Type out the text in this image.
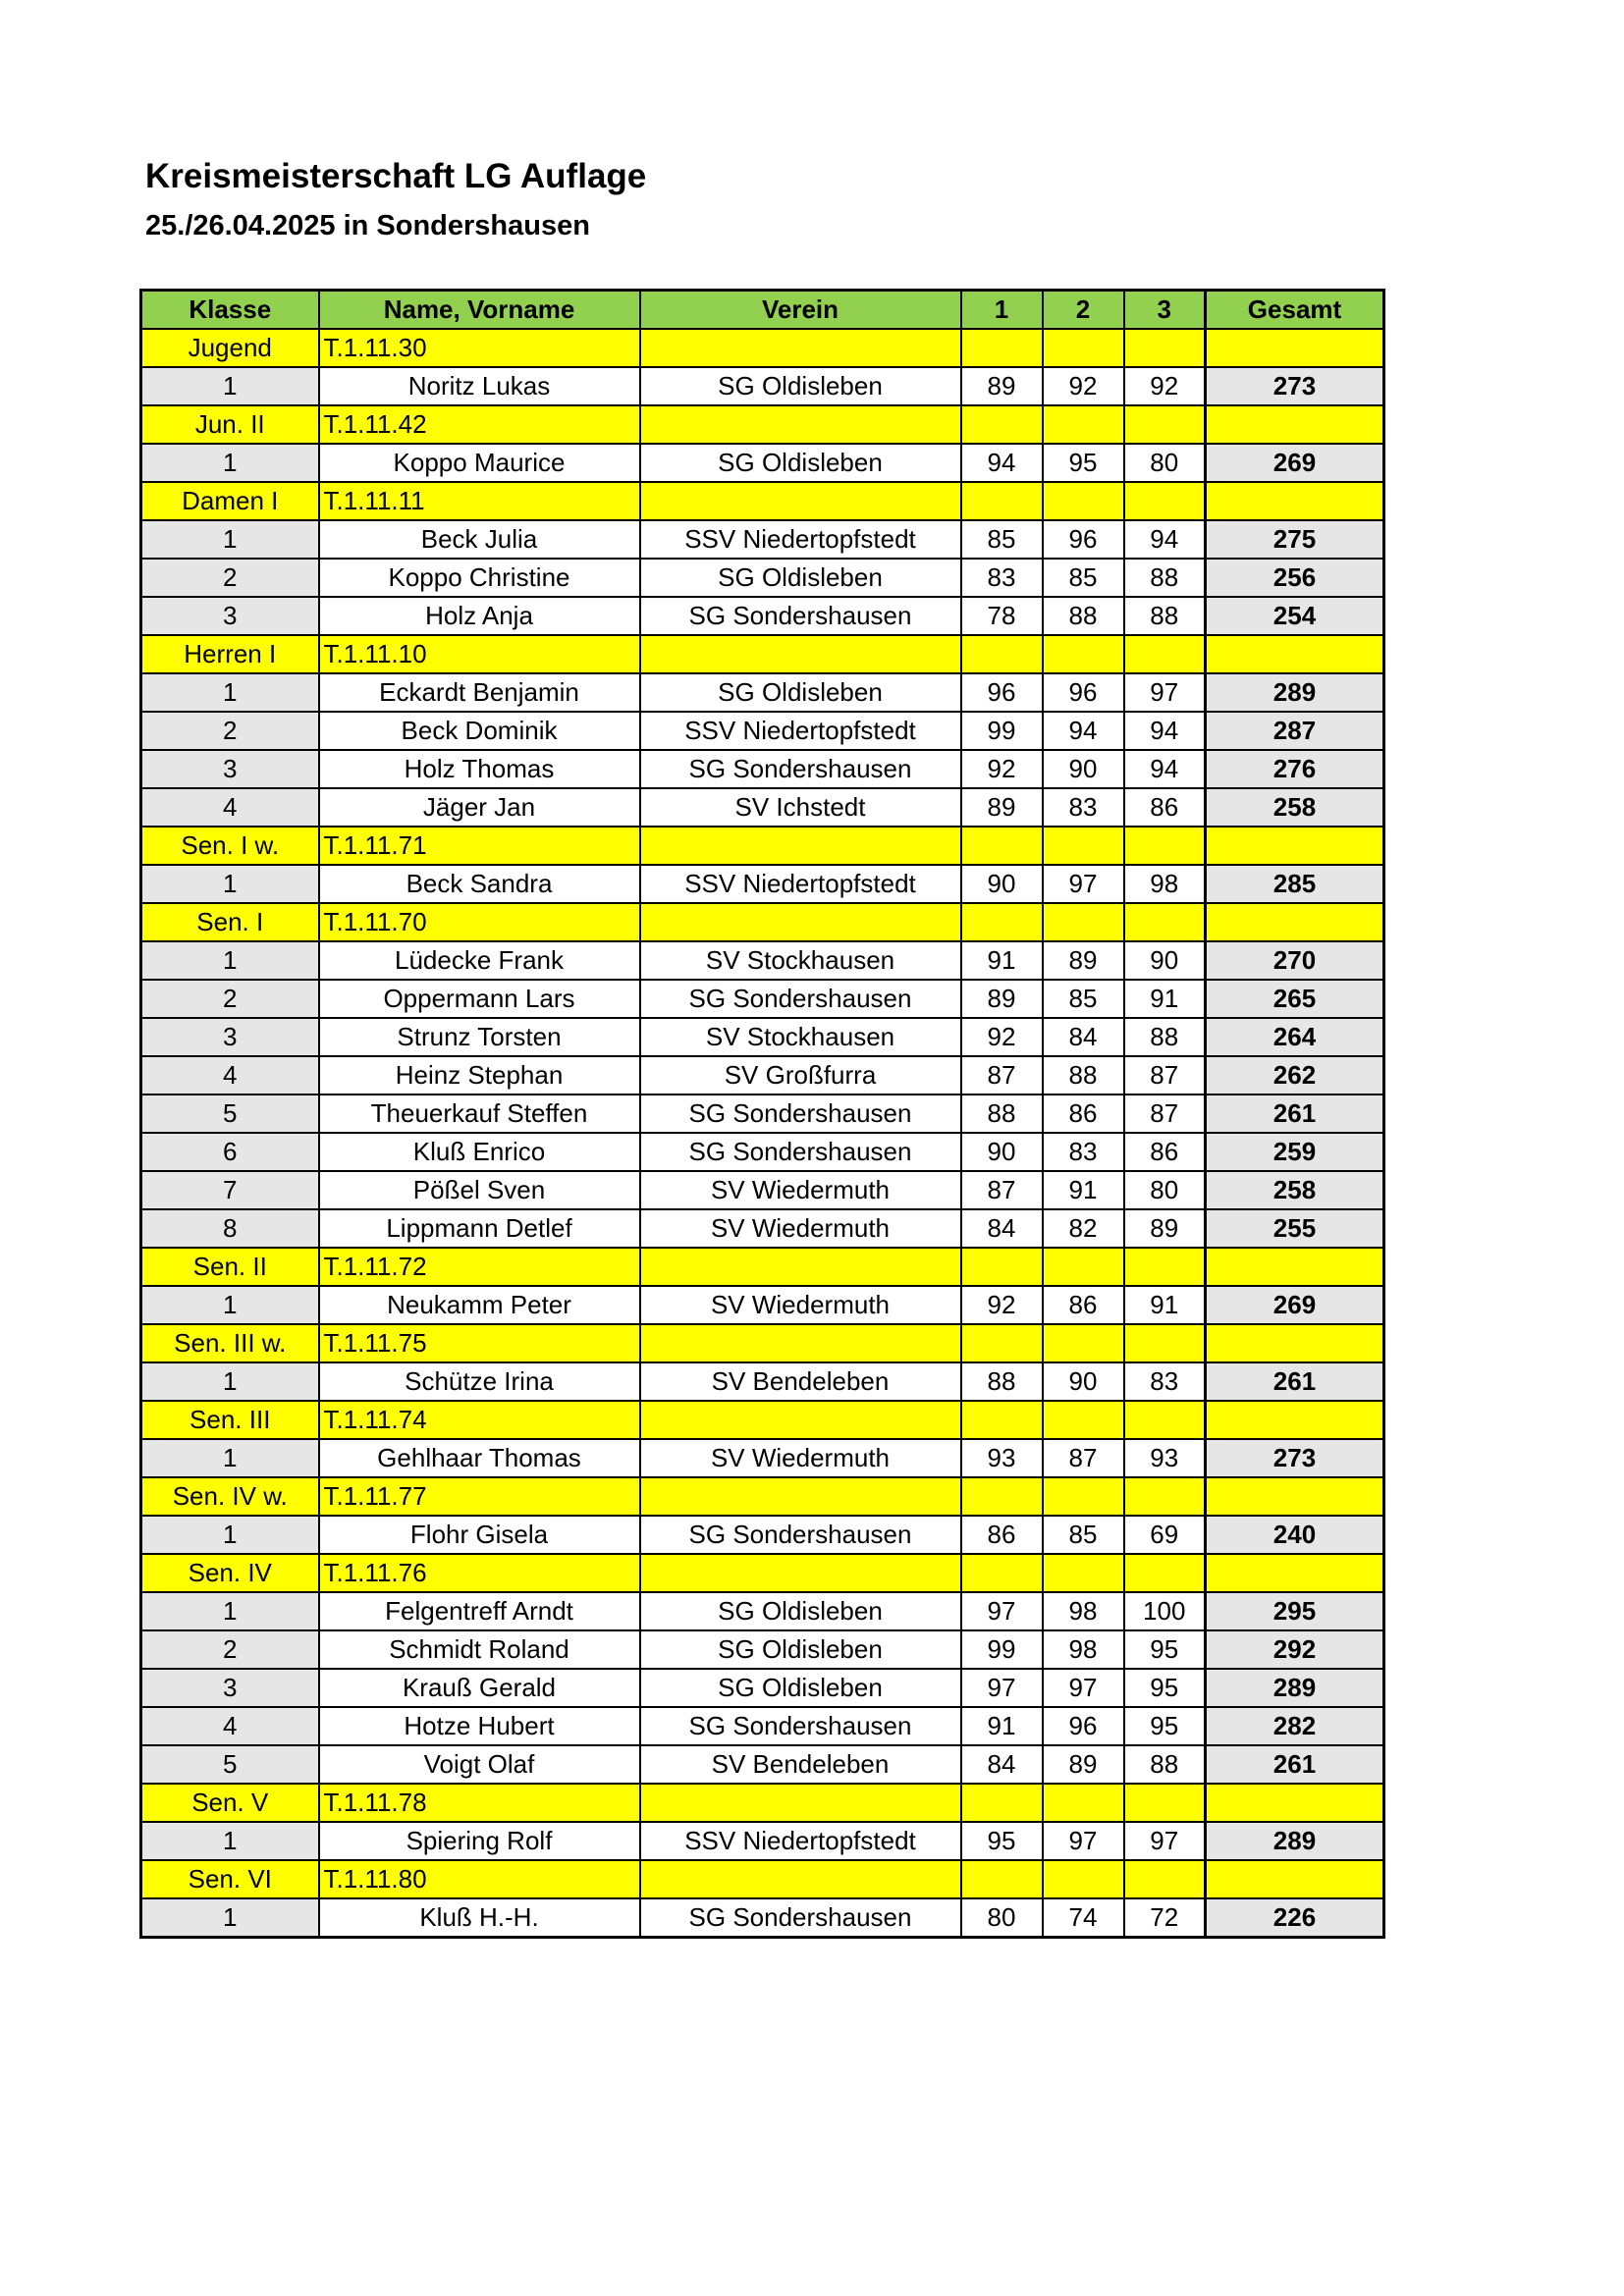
Kreismeisterschaft LG Auflage
25./26.04.2025 in Sondershausen
Klasse	Name, Vorname	Verein	1	2	3	Gesamt
Jugend	T.1.11.30					
1	Noritz Lukas	SG Oldisleben	89	92	92	273
Jun. II	T.1.11.42					
1	Koppo Maurice	SG Oldisleben	94	95	80	269
Damen I	T.1.11.11					
1	Beck Julia	SSV Niedertopfstedt	85	96	94	275
2	Koppo Christine	SG Oldisleben	83	85	88	256
3	Holz Anja	SG Sondershausen	78	88	88	254
Herren I	T.1.11.10					
1	Eckardt Benjamin	SG Oldisleben	96	96	97	289
2	Beck Dominik	SSV Niedertopfstedt	99	94	94	287
3	Holz Thomas	SG Sondershausen	92	90	94	276
4	Jäger Jan	SV Ichstedt	89	83	86	258
Sen. I w.	T.1.11.71					
1	Beck Sandra	SSV Niedertopfstedt	90	97	98	285
Sen. I	T.1.11.70					
1	Lüdecke Frank	SV Stockhausen	91	89	90	270
2	Oppermann Lars	SG Sondershausen	89	85	91	265
3	Strunz Torsten	SV Stockhausen	92	84	88	264
4	Heinz Stephan	SV Großfurra	87	88	87	262
5	Theuerkauf Steffen	SG Sondershausen	88	86	87	261
6	Kluß Enrico	SG Sondershausen	90	83	86	259
7	Pößel Sven	SV Wiedermuth	87	91	80	258
8	Lippmann Detlef	SV Wiedermuth	84	82	89	255
Sen. II	T.1.11.72					
1	Neukamm Peter	SV Wiedermuth	92	86	91	269
Sen. III w.	T.1.11.75					
1	Schütze Irina	SV Bendeleben	88	90	83	261
Sen. III	T.1.11.74					
1	Gehlhaar Thomas	SV Wiedermuth	93	87	93	273
Sen. IV w.	T.1.11.77					
1	Flohr Gisela	SG Sondershausen	86	85	69	240
Sen. IV	T.1.11.76					
1	Felgentreff Arndt	SG Oldisleben	97	98	100	295
2	Schmidt Roland	SG Oldisleben	99	98	95	292
3	Krauß Gerald	SG Oldisleben	97	97	95	289
4	Hotze Hubert	SG Sondershausen	91	96	95	282
5	Voigt Olaf	SV Bendeleben	84	89	88	261
Sen. V	T.1.11.78					
1	Spiering Rolf	SSV Niedertopfstedt	95	97	97	289
Sen. VI	T.1.11.80					
1	Kluß H.-H.	SG Sondershausen	80	74	72	226
